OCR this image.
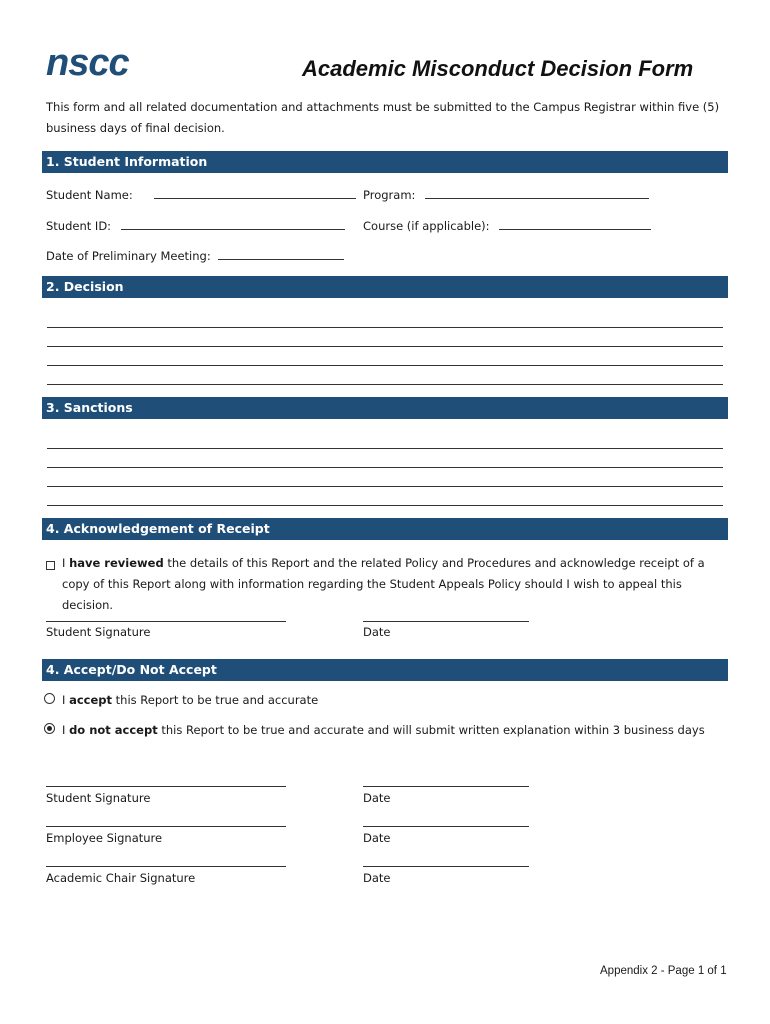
nscc	Academic Misconduct Decision Form
This form and all related documentation and attachments must be submitted to the Campus Registrar within five (5) business days of final decision.
1. Student Information
Student Name:	Program:
Student ID:	Course (if applicable):
Date of Preliminary Meeting:
2. Decision
3. Sanctions
4. Acknowledgement of Receipt
I have reviewed the details of this Report and the related Policy and Procedures and acknowledge receipt of a copy of this Report along with information regarding the Student Appeals Policy should I wish to appeal this decision.
Student Signature	Date
4. Accept/Do Not Accept
I accept this Report to be true and accurate
I do not accept this Report to be true and accurate and will submit written explanation within 3 business days
Student Signature	Date
Employee Signature	Date
Academic Chair Signature	Date
Appendix 2 - Page 1 of 1
